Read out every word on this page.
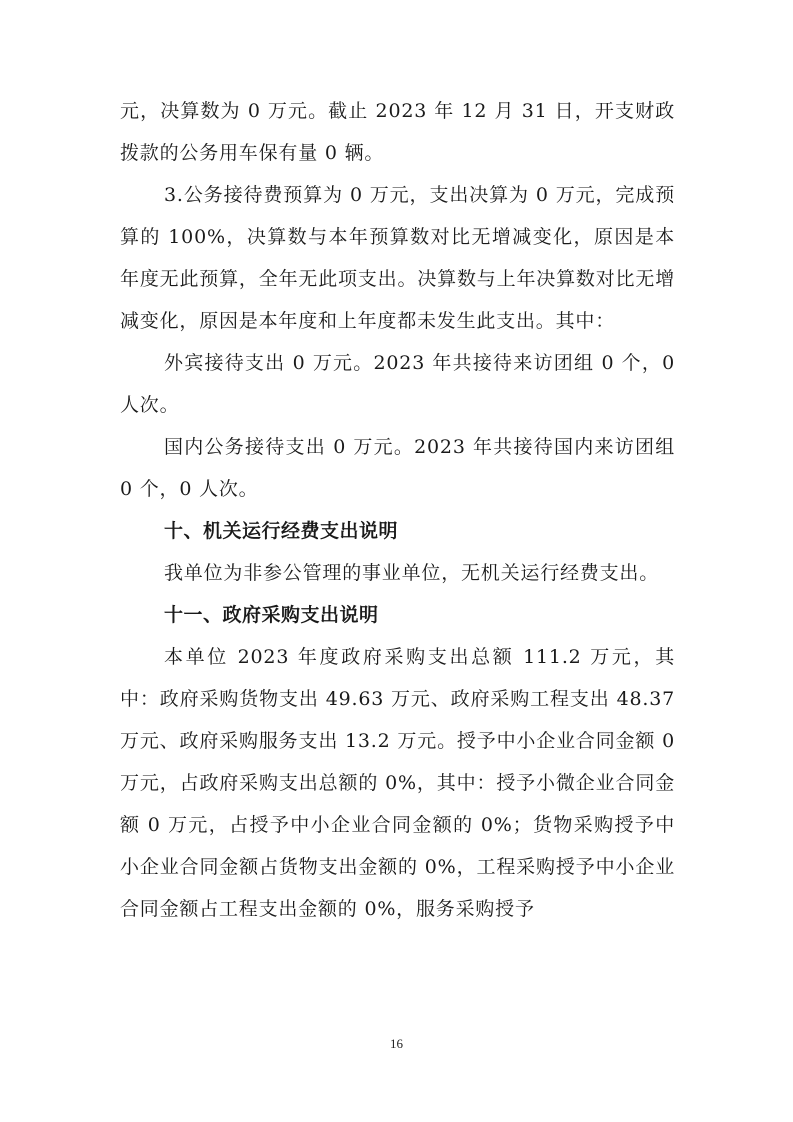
元，决算数为 0 万元。截止 2023 年 12 月 31 日，开支财政拨款的公务用车保有量 0 辆。

3.公务接待费预算为 0 万元，支出决算为 0 万元，完成预算的 100%，决算数与本年预算数对比无增减变化，原因是本年度无此预算，全年无此项支出。决算数与上年决算数对比无增减变化，原因是本年度和上年度都未发生此支出。其中：

外宾接待支出 0 万元。2023 年共接待来访团组 0 个，0 人次。

国内公务接待支出 0 万元。2023 年共接待国内来访团组 0 个，0 人次。

十、机关运行经费支出说明

我单位为非参公管理的事业单位，无机关运行经费支出。

十一、政府采购支出说明

本单位 2023 年度政府采购支出总额 111.2 万元，其中：政府采购货物支出 49.63 万元、政府采购工程支出 48.37 万元、政府采购服务支出 13.2 万元。授予中小企业合同金额 0 万元，占政府采购支出总额的 0%，其中：授予小微企业合同金额 0 万元，占授予中小企业合同金额的 0%；货物采购授予中小企业合同金额占货物支出金额的 0%，工程采购授予中小企业合同金额占工程支出金额的 0%，服务采购授予

16
